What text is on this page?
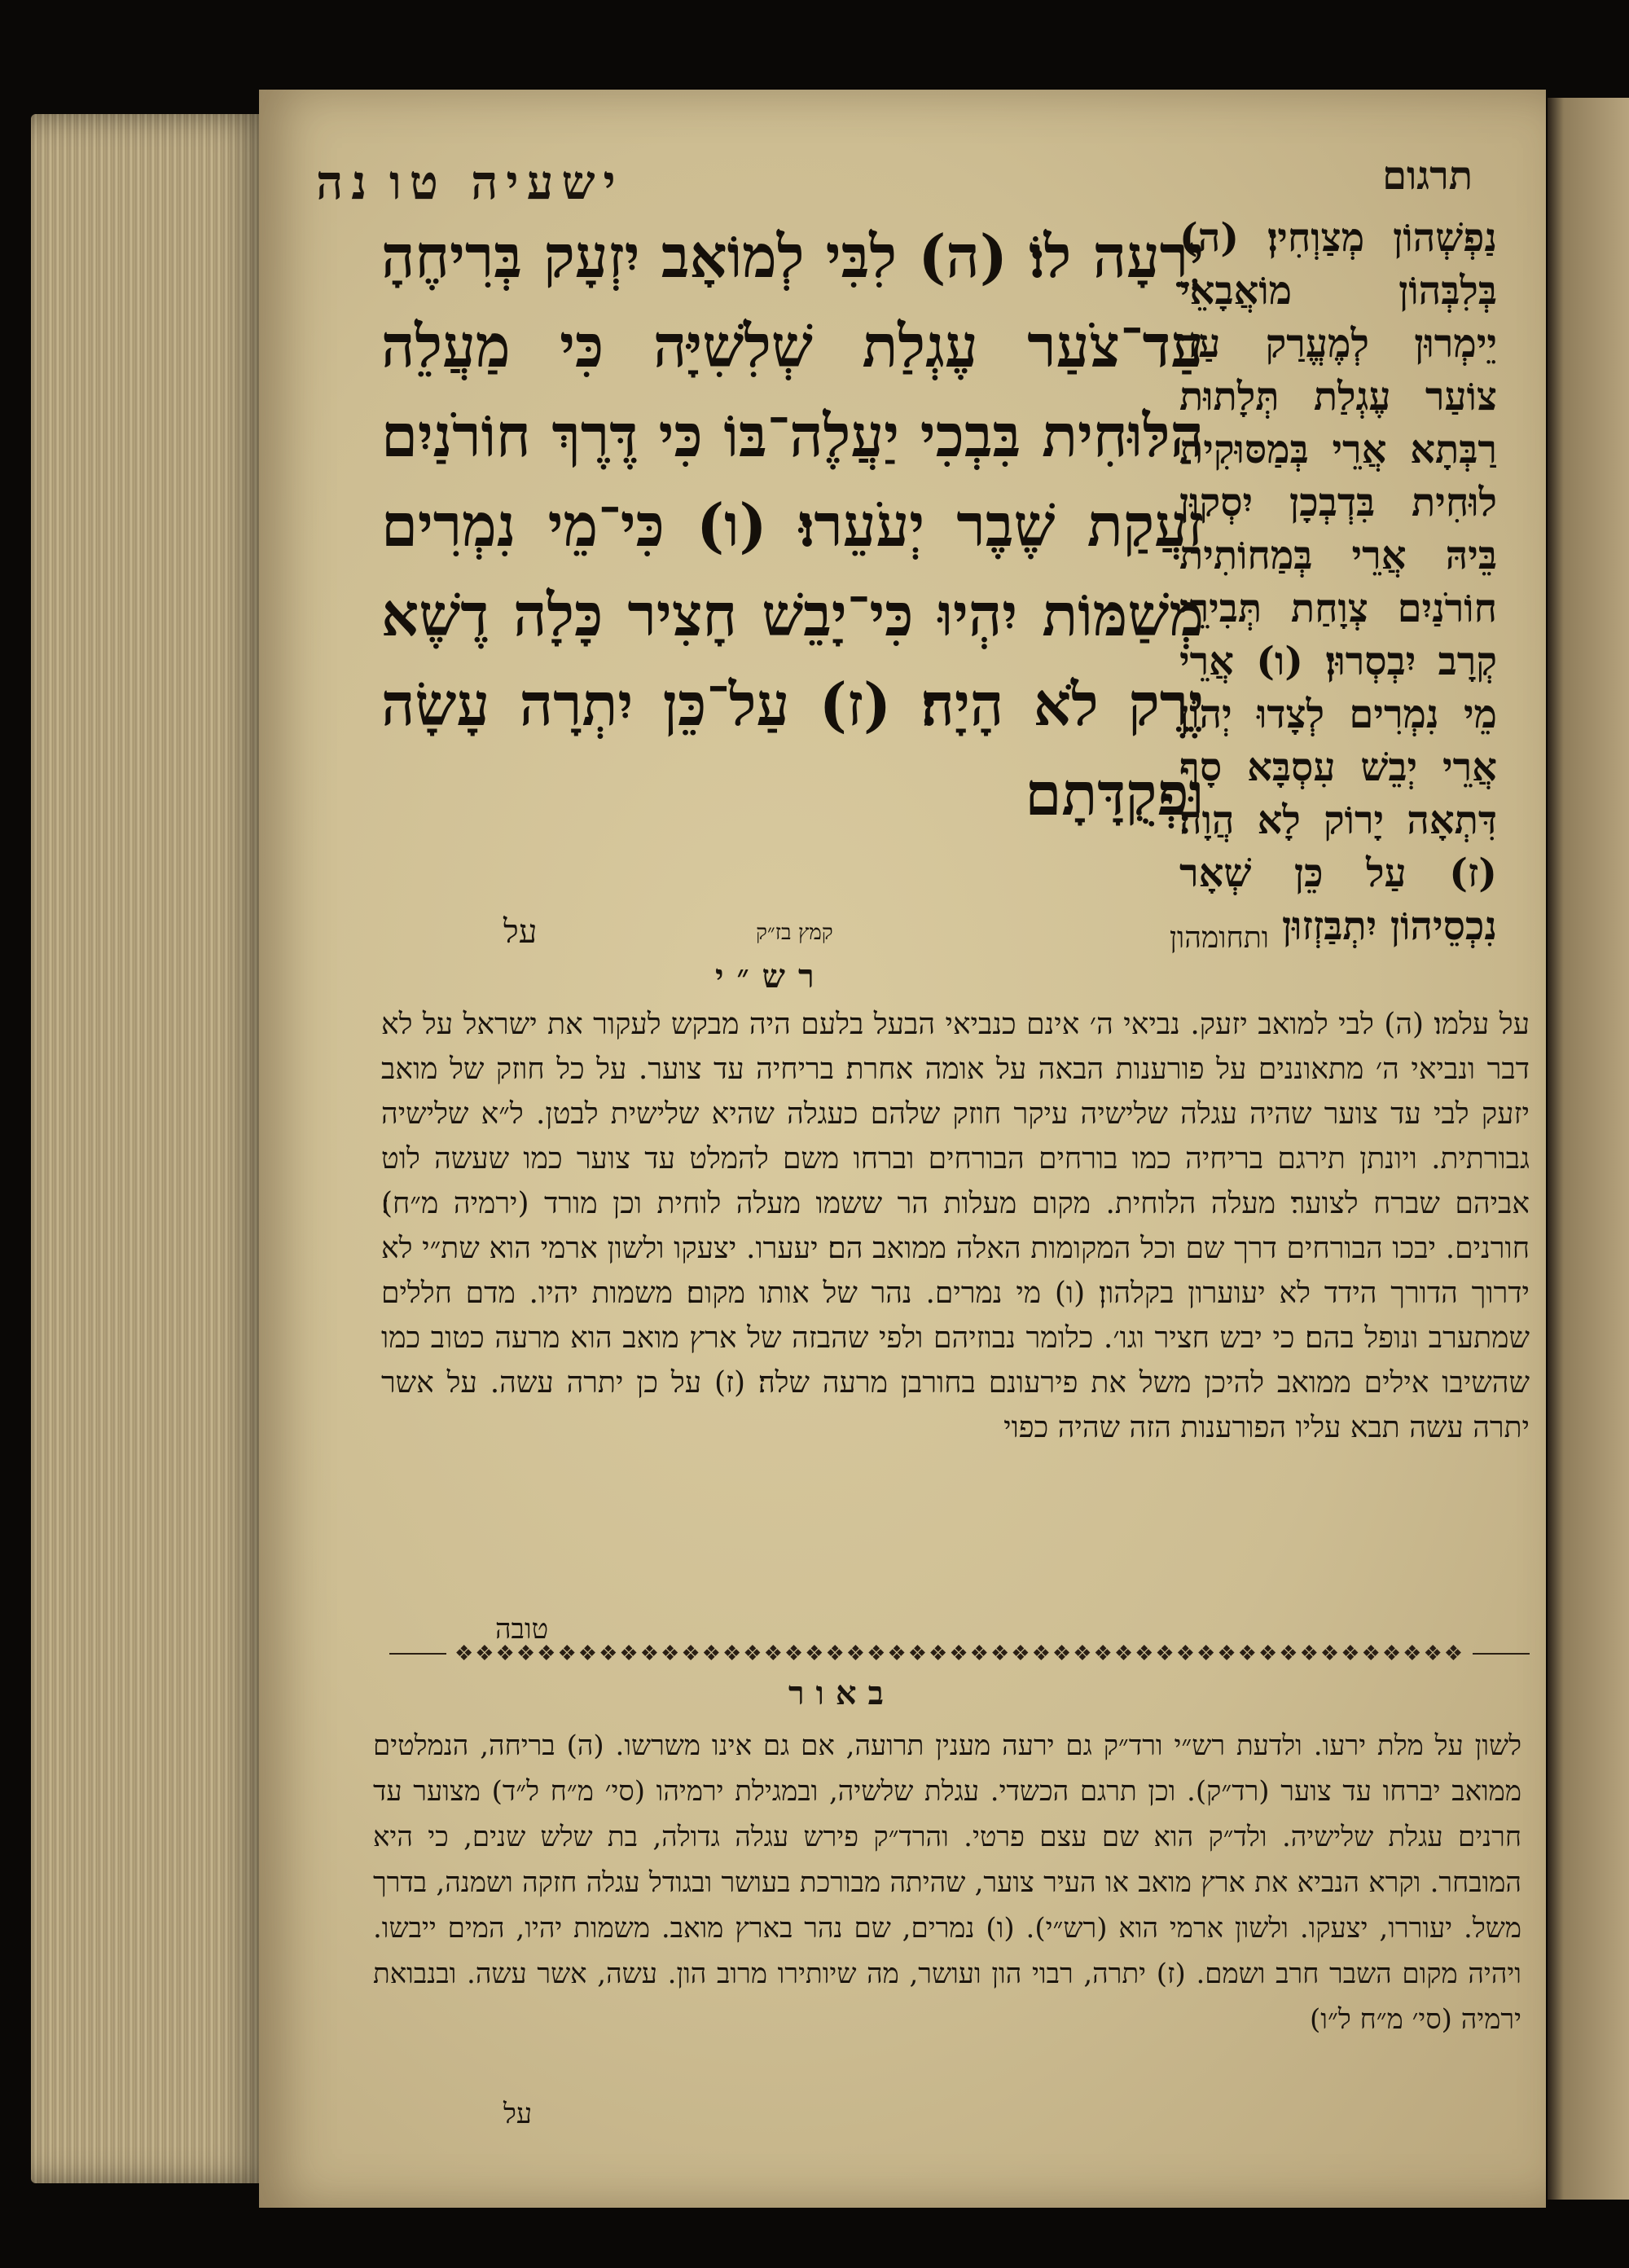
ישעיה טו	תרגום
נה
יְרֵעָה לוֹ׃ (ה) לִבִּי לְמוֹאָב יִזְעָק בְּרִיחֶהָ עַד־צֹעַר עֶגְלַת שְׁלִשִׁיָּה כִּי מַעֲלֵה הַלּוּחִית בִּבְכִי יַעֲלֶה־בּוֹ כִּי דֶּרֶךְ חוֹרֹנַיִם זַעֲקַת שֶׁבֶר יְעֹעֵרוּ׃ (ו) כִּי־מֵי נִמְרִים מְשַׁמּוֹת יִהְיוּ כִּי־יָבֵשׁ חָצִיר כָּלָה דֶשֶׁא יֶרֶק לֹא הָיָה׃ (ז) עַל־כֵּן יִתְרָה עָשָׂה וּפְקֻדָּתָם
על	קמץ בז״ק
נַפְשְׁהוֹן מְצַוְחִין׃ (ה) בְּלִבְּהוֹן מוֹאֲבָאֵי יֵימְרוּן לְמֶעֱרַק עַד צוֹעַר עֶגְלַת תְּלָתוּת רַבְּתָא אֲרֵי בְּמַסּוּקִית לוּחִית בִּדְבְכָן יִסְקוּן בֵּיהּ אֲרֵי בְּמַחוֹתִית חוֹרֹנַיִם צְוָחַת תְּבִירֵי קְרָב יִבְסְרוּן׃ (ו) אֲרֵי מֵי נִמְרִים לְצָדוּ יְהוֹן אֲרֵי יְבֵשׁ עִסְבָּא סָף דִּתְאָה יָרוֹק לָא הֲוָה׃ (ז) עַל כֵּן שְׁאָר נִכְסֵיהוֹן יִתְבַּזְזוּן
ותחומהון
רש״י
על עלמו׃ (ה) לבי למואב יזעק. נביאי ה׳ אינם כנביאי הבעל בלעם היה מבקש לעקור את ישראל על לא דבר ונביאי ה׳ מתאוננים על פורענות הבאה על אומה אחרת׃ בריחיה עד צוער. על כל חוזק של מואב יזעק לבי עד צוער שהיה עגלה שלישיה עיקר חוזק שלהם כעגלה שהיא שלישית לבטן. ל״א שלישיה גבורתית. ויונתן תירגם בריחיה כמו בורחים הבורחים וברחו משם להמלט עד צוער כמו שעשה לוט אביהם שברח לצוער׃ מעלה הלוחית. מקום מעלות הר ששמו מעלה לוחית וכן מורד (ירמיה מ״ח)׃ חורנים. יבכו הבורחים דרך שם וכל המקומות האלה ממואב הם׃ יעערו. יצעקו ולשון ארמי הוא שת״י לא ידרוך הדורך הידד לא יעוערון בקלהון׃ (ו) מי נמרים. נהר של אותו מקום׃ משמות יהיו. מדם חללים שמתערב ונופל בהם׃ כי יבש חציר וגו׳. כלומר נבוזיהם ולפי שהבזה של ארץ מואב הוא מרעה כטוב כמו שהשיבו אילים ממואב להיכן משל את פירעונם בחורבן מרעה שלה׃ (ז) על כן יתרה עשה. על אשר יתרה עשה תבא עליו הפורענות הזה שהיה כפוי
טובה
❖❖❖❖❖❖❖❖❖❖❖❖❖❖❖❖❖❖❖❖❖❖❖❖❖❖❖❖❖❖❖❖❖❖❖❖❖❖❖❖❖❖❖❖❖❖❖❖❖
באור
לשון על מלת ירעו. ולדעת רש״י ורד״ק גם ירעה מענין תרועה, אם גם אינו משרשו. (ה) בריחה, הנמלטים ממואב יברחו עד צוער (רד״ק). וכן תרגם הכשדי. עגלת שלשיה, ובמגילת ירמיהו (סי׳ מ״ח ל״ד) מצוער עד חרנים עגלת שלישיה. ולד״ק הוא שם עצם פרטי. והרד״ק פירש עגלה גדולה, בת שלש שנים, כי היא המובחר. וקרא הנביא את ארץ מואב או העיר צוער, שהיתה מבורכת בעושר ובגודל עגלה חזקה ושמנה, בדרך משל. יעוררו, יצעקו. ולשון ארמי הוא (רש״י). (ו) נמרים, שם נהר בארץ מואב. משמות יהיו, המים ייבשו. ויהיה מקום השבר חרב ושמם. (ז) יתרה, רבוי הון ועושר, מה שיותירו מרוב הון. עשה, אשר עשה. ובנבואת ירמיה (סי׳ מ״ח ל״ו)
על
